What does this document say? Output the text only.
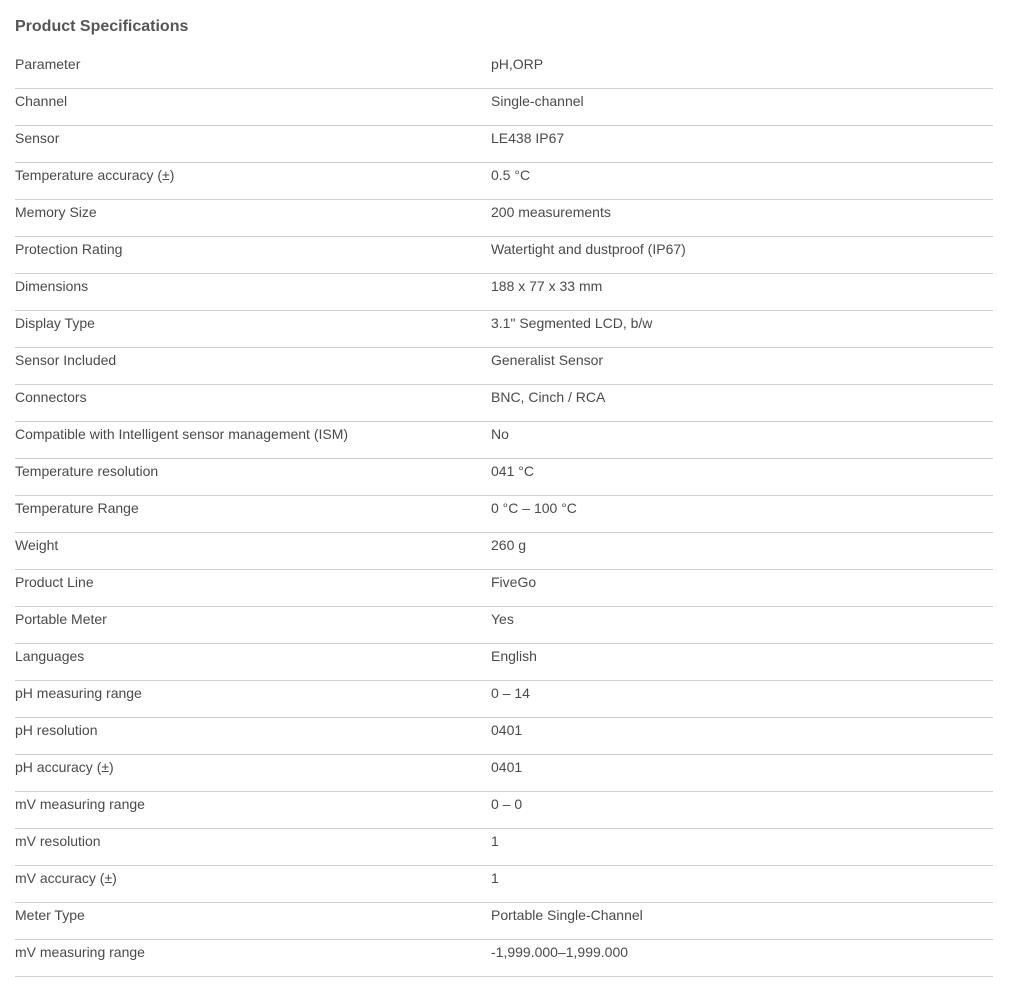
Product Specifications
Parameter	pH,ORP
Channel	Single-channel
Sensor	LE438 IP67
Temperature accuracy (±)	0.5 °C
Memory Size	200 measurements
Protection Rating	Watertight and dustproof (IP67)
Dimensions	188 x 77 x 33 mm
Display Type	3.1" Segmented LCD, b/w
Sensor Included	Generalist Sensor
Connectors	BNC, Cinch / RCA
Compatible with Intelligent sensor management (ISM)	No
Temperature resolution	041 °C
Temperature Range	0 °C – 100 °C
Weight	260 g
Product Line	FiveGo
Portable Meter	Yes
Languages	English
pH measuring range	0 – 14
pH resolution	0401
pH accuracy (±)	0401
mV measuring range	0 – 0
mV resolution	1
mV accuracy (±)	1
Meter Type	Portable Single-Channel
mV measuring range	-1,999.000–1,999.000
